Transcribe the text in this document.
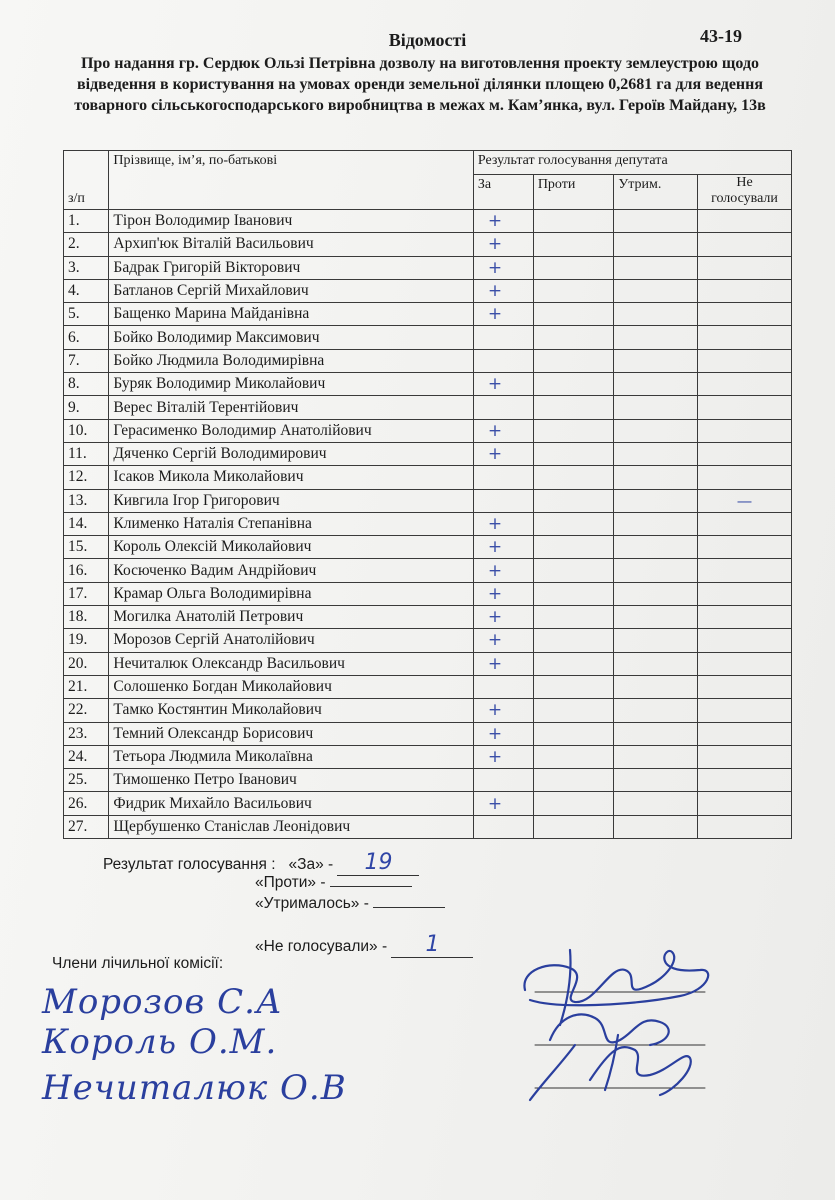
43-19
Відомості
Про надання гр. Сердюк Ользі Петрівна дозволу на виготовлення проекту землеустрою щодо відведення в користування на умовах оренди земельної ділянки площею 0,2681 га для ведення товарного сільськогосподарського виробництва в межах м. Кам’янка, вул. Героїв Майдану, 13в
з/п	Прізвище, ім’я, по-батькові	Результат голосування депутата			
		За	Проти	Утрим.	Не
голосували
1.	Тірон Володимир Іванович	+			
2.	Архип'юк Віталій Васильович	+			
3.	Бадрак Григорій Вікторович	+			
4.	Батланов Сергій Михайлович	+			
5.	Бащенко Марина Майданівна	+			
6.	Бойко Володимир Максимович				
7.	Бойко Людмила Володимирівна				
8.	Буряк Володимир Миколайович	+			
9.	Верес Віталій Терентійович				
10.	Герасименко Володимир Анатолійович	+			
11.	Дяченко Сергій Володимирович	+			
12.	Ісаков Микола Миколайович				
13.	Кивгила Ігор Григорович				—
14.	Клименко Наталія Степанівна	+			
15.	Король Олексій Миколайович	+			
16.	Косюченко Вадим Андрійович	+			
17.	Крамар Ольга Володимирівна	+			
18.	Могилка Анатолій Петрович	+			
19.	Морозов Сергій Анатолійович	+			
20.	Нечиталюк Олександр Васильович	+			
21.	Солошенко Богдан Миколайович				
22.	Тамко Костянтин Миколайович	+			
23.	Темний Олександр Борисович	+			
24.	Тетьора Людмила Миколаївна	+			
25.	Тимошенко Петро Іванович				
26.	Фидрик Михайло Васильович	+			
27.	Щербушенко Станіслав Леонідович				
Результат голосування : «За» - 19
«Проти» -
«Утрималось» -
«Не голосували» - 1
Члени лічильної комісії:
Морозов С.А
Король О.М.
Нечиталюк О.В
